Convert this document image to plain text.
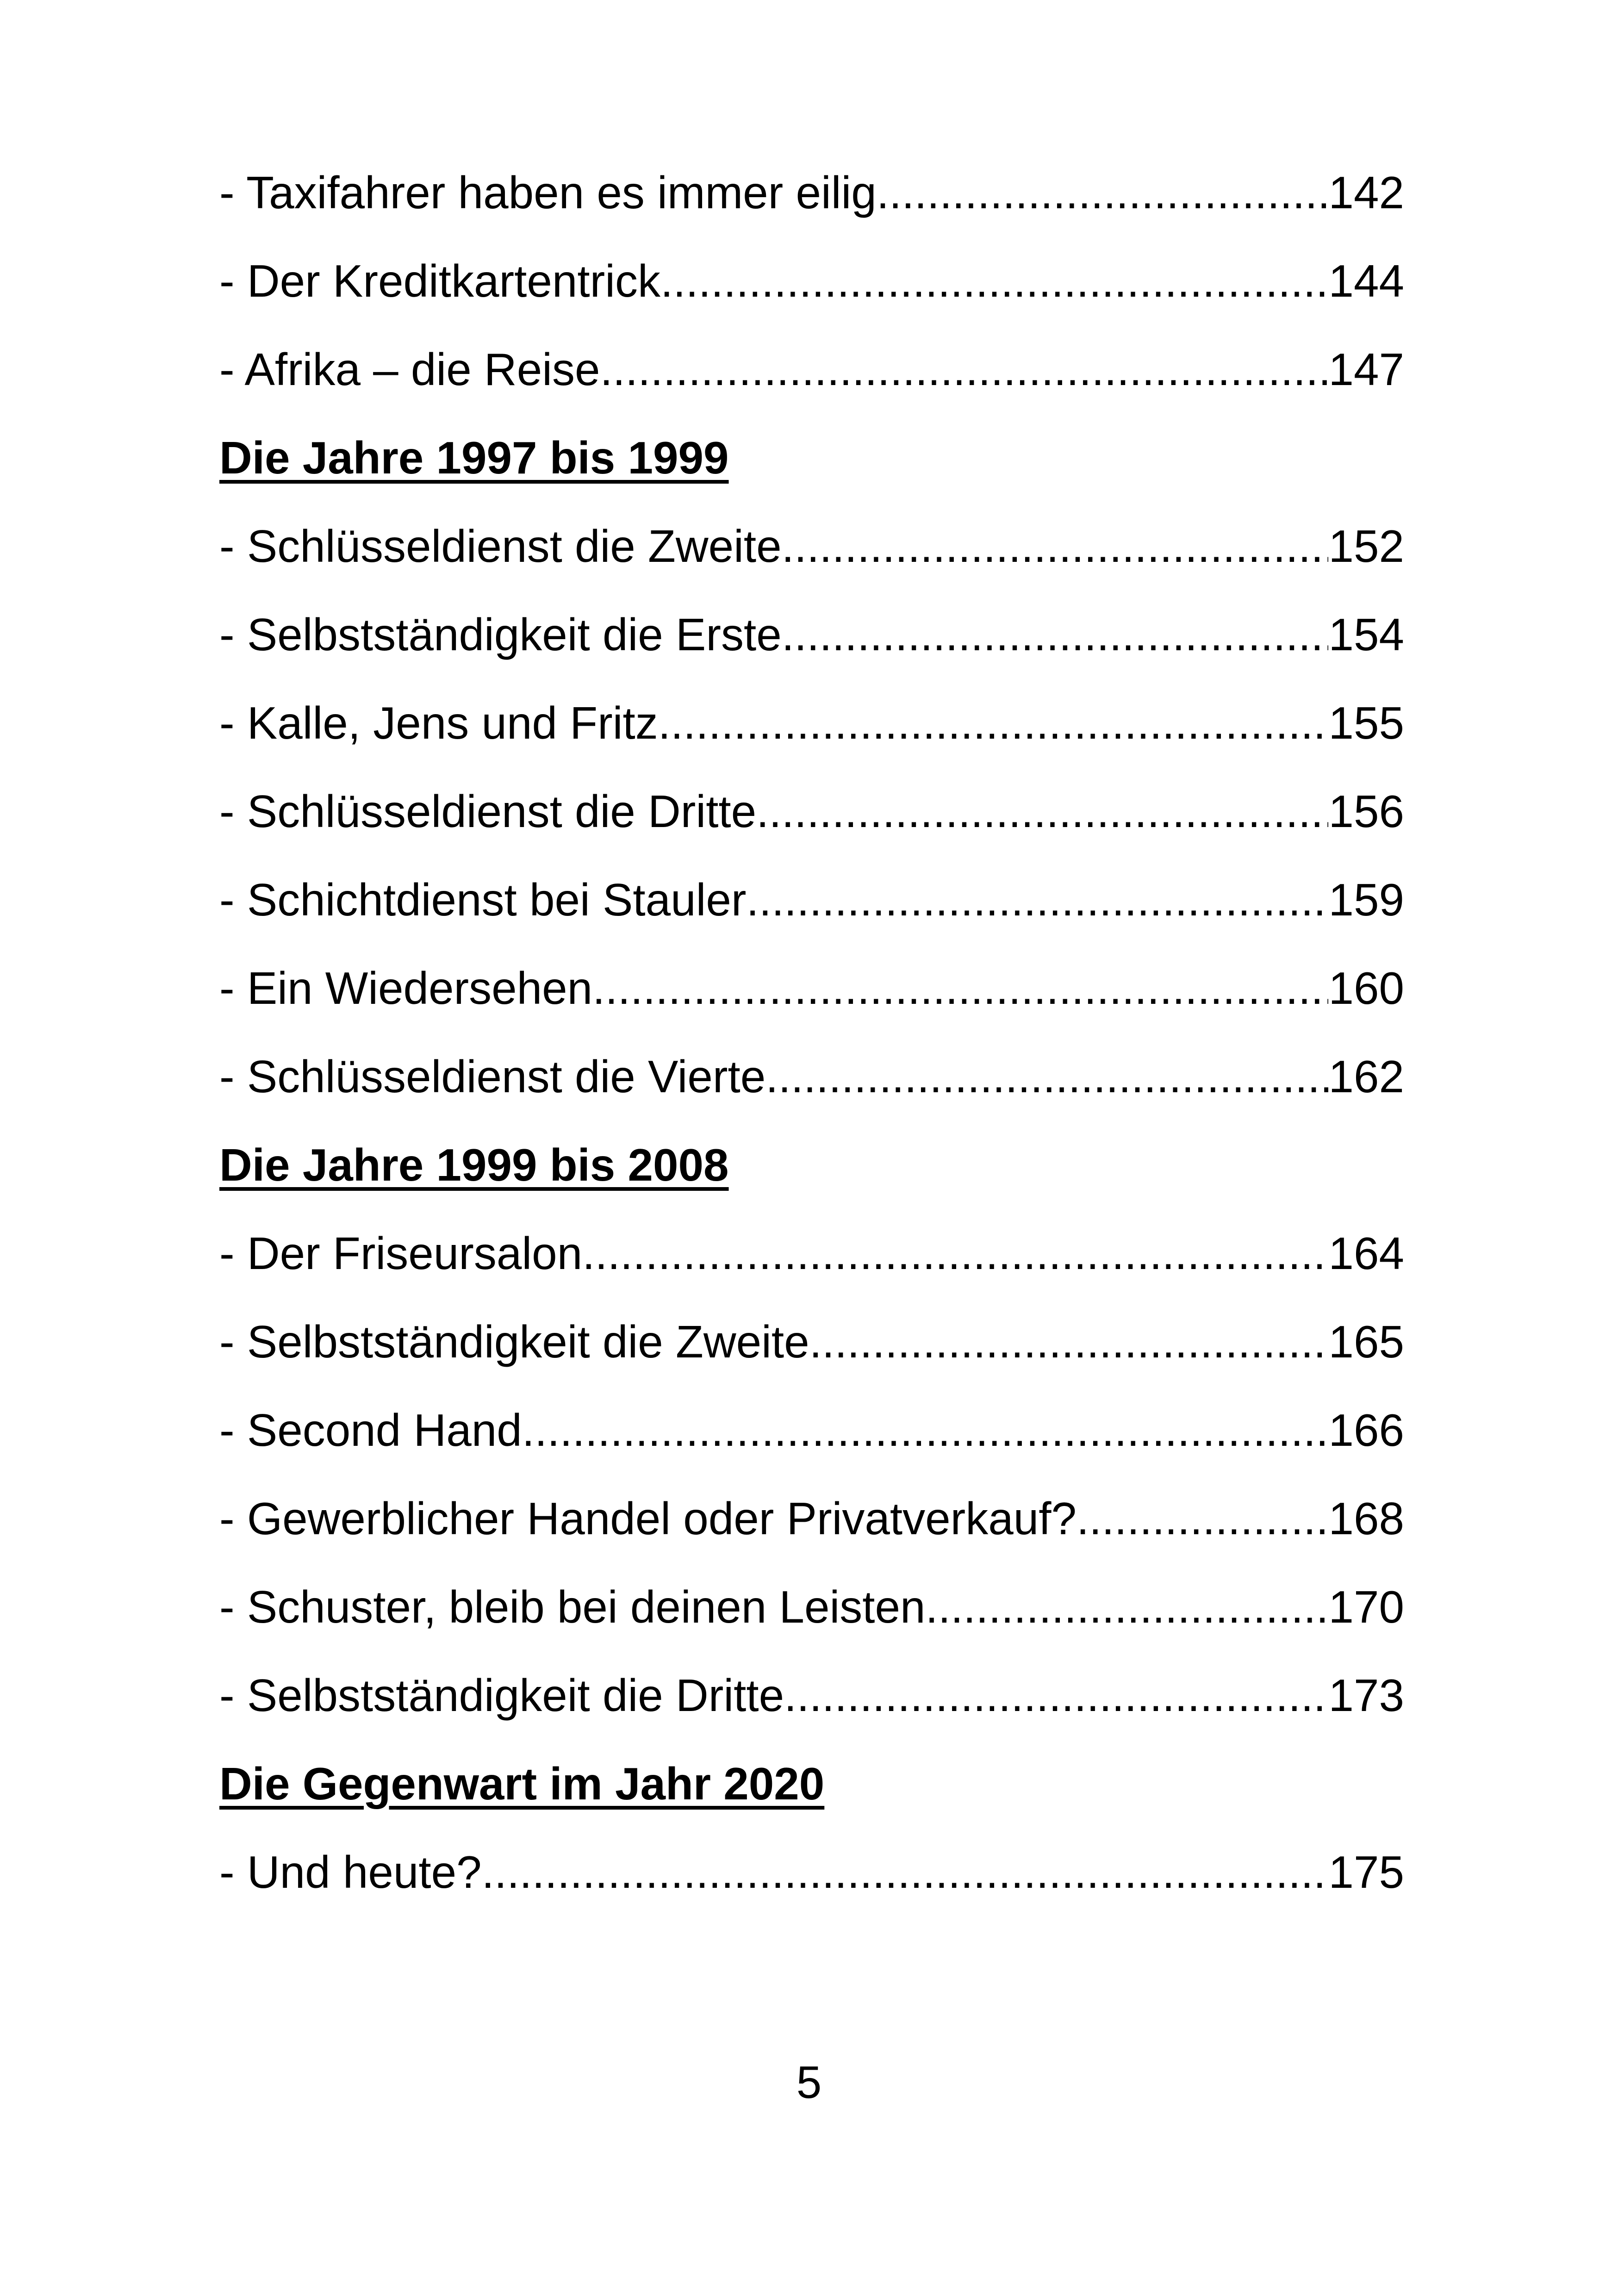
- Taxifahrer haben es immer eilig .....	142
- Der Kreditkartentrick .....	144
- Afrika – die Reise .....	147
Die Jahre 1997 bis 1999
- Schlüsseldienst die Zweite .....	152
- Selbstständigkeit die Erste .....	154
- Kalle, Jens und Fritz .....	155
- Schlüsseldienst die Dritte .....	156
- Schichtdienst bei Stauler .....	159
- Ein Wiedersehen .....	160
- Schlüsseldienst die Vierte .....	162
Die Jahre 1999 bis 2008
- Der Friseursalon .....	164
- Selbstständigkeit die Zweite .....	165
- Second Hand .....	166
- Gewerblicher Handel oder Privatverkauf? .....	168
- Schuster, bleib bei deinen Leisten .....	170
- Selbstständigkeit die Dritte .....	173
Die Gegenwart im Jahr 2020
- Und heute? .....	175
5
